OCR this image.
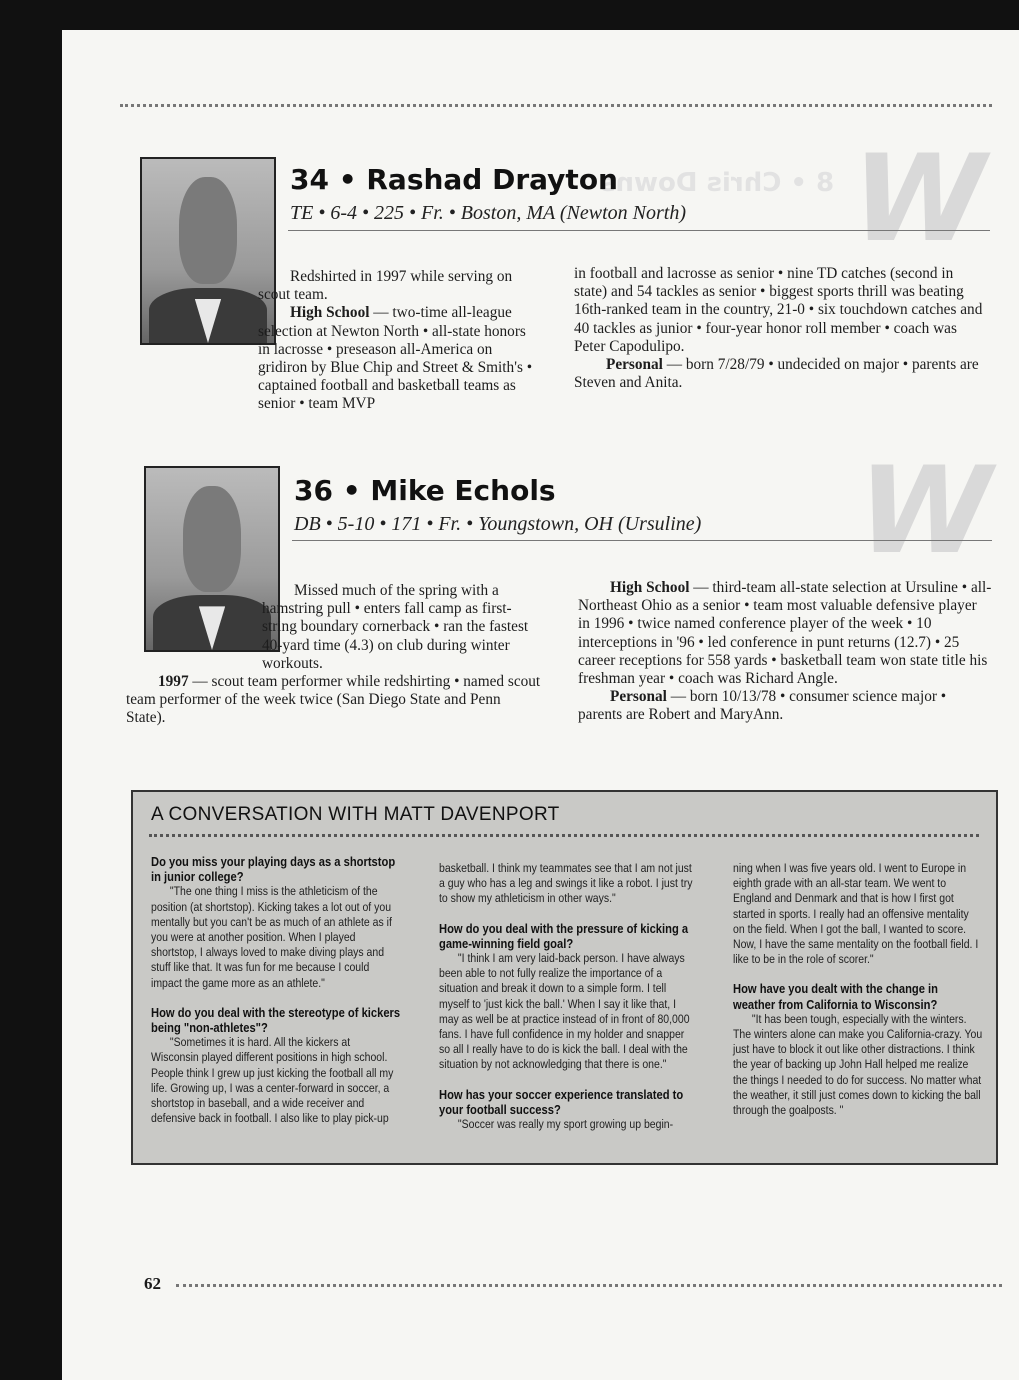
8 • Chris Downs W
W
34 • Rashad Drayton
TE • 6-4 • 225 • Fr. • Boston, MA (Newton North)

Redshirted in 1997 while serving on scout team.

High School — two-time all-league selection at Newton North • all-state honors in lacrosse • preseason all-America on gridiron by Blue Chip and Street & Smith's • captained football and basketball teams as senior • team MVP

in football and lacrosse as senior • nine TD catches (second in state) and 54 tackles as senior • biggest sports thrill was beating 16th-ranked team in the country, 21-0 • six touchdown catches and 40 tackles as junior • four-year honor roll member • coach was Peter Capodulipo.

Personal — born 7/28/79 • undecided on major • parents are Steven and Anita.

36 • Mike Echols
DB • 5-10 • 171 • Fr. • Youngstown, OH (Ursuline)

Missed much of the spring with a hamstring pull • enters fall camp as first-string boundary cornerback • ran the fastest 40-yard time (4.3) on club during winter workouts.

1997 — scout team performer while redshirting • named scout team performer of the week twice (San Diego State and Penn State).

High School — third-team all-state selection at Ursuline • all-Northeast Ohio as a senior • team most valuable defensive player in 1996 • twice named conference player of the week • 10 interceptions in '96 • led conference in punt returns (12.7) • 25 career receptions for 558 yards • basketball team won state title his freshman year • coach was Richard Angle.

Personal — born 10/13/78 • consumer science major • parents are Robert and MaryAnn.

A CONVERSATION WITH MATT DAVENPORT

Do you miss your playing days as a shortstop in junior college?

"The one thing I miss is the athleticism of the position (at shortstop). Kicking takes a lot out of you mentally but you can't be as much of an athlete as if you were at another position. When I played shortstop, I always loved to make diving plays and stuff like that. It was fun for me because I could impact the game more as an athlete."

How do you deal with the stereotype of kickers being "non-athletes"?

"Sometimes it is hard. All the kickers at Wisconsin played different positions in high school. People think I grew up just kicking the football all my life. Growing up, I was a center-forward in soccer, a shortstop in baseball, and a wide receiver and defensive back in football. I also like to play pick-up

basketball. I think my teammates see that I am not just a guy who has a leg and swings it like a robot. I just try to show my athleticism in other ways."

How do you deal with the pressure of kicking a game-winning field goal?

"I think I am very laid-back person. I have always been able to not fully realize the importance of a situation and break it down to a simple form. I tell myself to 'just kick the ball.' When I say it like that, I may as well be at practice instead of in front of 80,000 fans. I have full confidence in my holder and snapper so all I really have to do is kick the ball. I deal with the situation by not acknowledging that there is one."

How has your soccer experience translated to your football success?

"Soccer was really my sport growing up begin-

ning when I was five years old. I went to Europe in eighth grade with an all-star team. We went to England and Denmark and that is how I first got started in sports. I really had an offensive mentality on the field. When I got the ball, I wanted to score. Now, I have the same mentality on the football field. I like to be in the role of scorer."

How have you dealt with the change in weather from California to Wisconsin?

"It has been tough, especially with the winters. The winters alone can make you California-crazy. You just have to block it out like other distractions. I think the year of backing up John Hall helped me realize the things I needed to do for success. No matter what the weather, it still just comes down to kicking the ball through the goalposts. "

62
